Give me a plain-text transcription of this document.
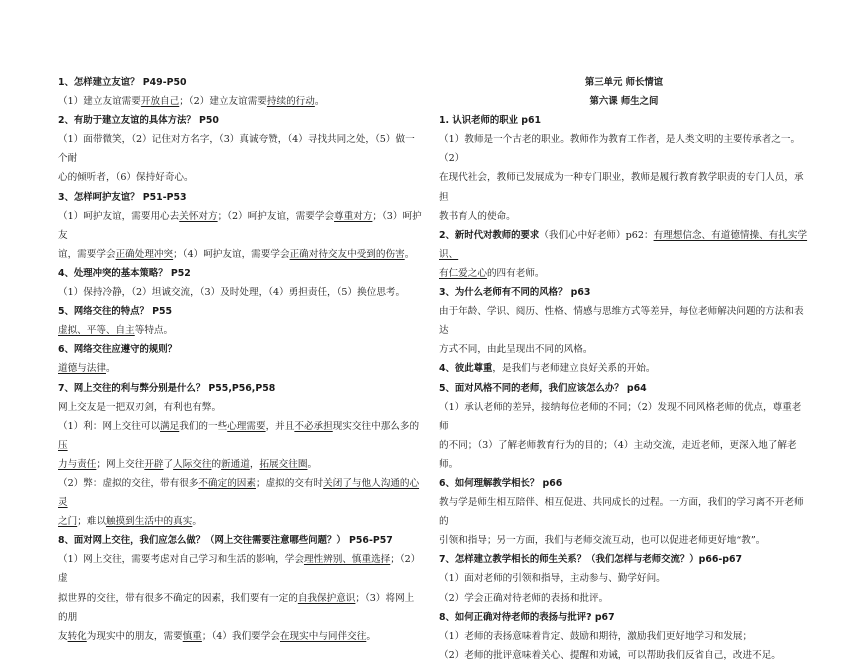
1、怎样建立友谊？ P49-P50

（1）建立友谊需要开放自己；（2）建立友谊需要持续的行动。

2、有助于建立友谊的具体方法？ P50

（1）面带微笑，（2）记住对方名字，（3）真诚夸赞，（4）寻找共同之处，（5）做一个耐

心的倾听者，（6）保持好奇心。

3、怎样呵护友谊？ P51-P53

（1）呵护友谊，需要用心去关怀对方；（2）呵护友谊，需要学会尊重对方；（3）呵护友

谊，需要学会正确处理冲突；（4）呵护友谊，需要学会正确对待交友中受到的伤害。

4、处理冲突的基本策略？ P52

（1）保持冷静，（2）坦诚交流，（3）及时处理，（4）勇担责任，（5）换位思考。

5、网络交往的特点？ P55

虚拟、平等、自主等特点。

6、网络交往应遵守的规则？

道德与法律。

7、网上交往的利与弊分别是什么？ P55,P56,P58

网上交友是一把双刃剑，有利也有弊。

（1）利：网上交往可以满足我们的一些心理需要，并且不必承担现实交往中那么多的压

力与责任；网上交往开辟了人际交往的新通道，拓展交往圈。

（2）弊：虚拟的交往，带有很多不确定的因素；虚拟的交有时关闭了与他人沟通的心灵

之门；难以触摸到生活中的真实。

8、面对网上交往，我们应怎么做？（网上交往需要注意哪些问题？） P56-P57

（1）网上交往，需要考虑对自己学习和生活的影响，学会理性辨别、慎重选择；（2）虚

拟世界的交往，带有很多不确定的因素，我们要有一定的自我保护意识；（3）将网上的朋

友转化为现实中的朋友，需要慎重；（4）我们要学会在现实中与同伴交往。

第三单元 师长情谊

第六课 师生之间

1. 认识老师的职业 p61

（1）教师是一个古老的职业。教师作为教育工作者，是人类文明的主要传承者之一。（2）

在现代社会，教师已发展成为一种专门职业，教师是履行教育教学职责的专门人员，承担

教书育人的使命。

2、新时代对教师的要求（我们心中好老师）p62：有理想信念、有道德情操、有扎实学识、

有仁爱之心的四有老师。

3、为什么老师有不同的风格？ p63

由于年龄、学识、阅历、性格、情感与思维方式等差异，每位老师解决问题的方法和表达

方式不同，由此呈现出不同的风格。

4、彼此尊重，是我们与老师建立良好关系的开始。

5、面对风格不同的老师，我们应该怎么办？ p64

（1）承认老师的差异，接纳每位老师的不同；（2）发现不同风格老师的优点，尊重老师

的不同；（3）了解老师教育行为的目的；（4）主动交流，走近老师，更深入地了解老师。

6、如何理解教学相长？ p66

教与学是师生相互陪伴、相互促进、共同成长的过程。一方面，我们的学习离不开老师的

引领和指导；另一方面，我们与老师交流互动，也可以促进老师更好地“教”。

7、怎样建立教学相长的师生关系？（我们怎样与老师交流？）p66-p67

（1）面对老师的引领和指导，主动参与、勤学好问。

（2）学会正确对待老师的表扬和批评。

8、如何正确对待老师的表扬与批评? p67

（1）老师的表扬意味着肯定、鼓励和期待，激励我们更好地学习和发展；

（2）老师的批评意味着关心、提醒和劝诫，可以帮助我们反省自己，改进不足。
